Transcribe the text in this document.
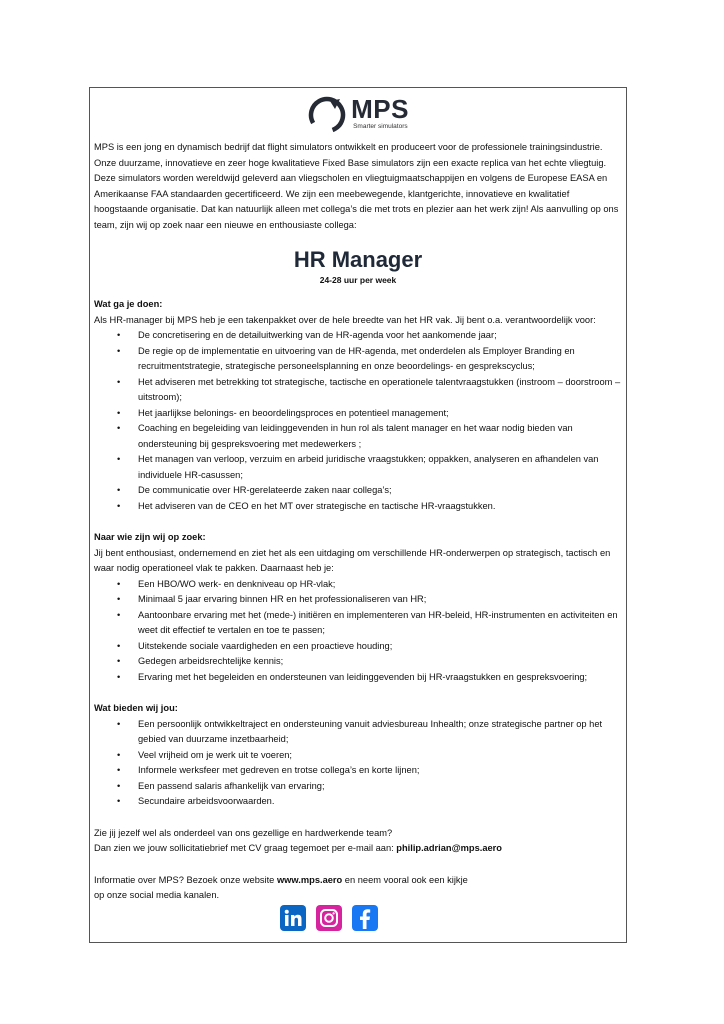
MPS
Smarter simulators

MPS is een jong en dynamisch bedrijf dat flight simulators ontwikkelt en produceert voor de professionele trainingsindustrie. Onze duurzame, innovatieve en zeer hoge kwalitatieve Fixed Base simulators zijn een exacte replica van het echte vliegtuig. Deze simulators worden wereldwijd geleverd aan vliegscholen en vliegtuigmaatschappijen en volgens de Europese EASA en Amerikaanse FAA standaarden gecertificeerd. We zijn een meebewegende, klantgerichte, innovatieve en kwalitatief hoogstaande organisatie. Dat kan natuurlijk alleen met collega’s die met trots en plezier aan het werk zijn! Als aanvulling op ons team, zijn wij op zoek naar een nieuwe en enthousiaste collega:

HR Manager
24-28 uur per week
Wat ga je doen:

Als HR-manager bij MPS heb je een takenpakket over de hele breedte van het HR vak. Jij bent o.a. verantwoordelijk voor:

• De concretisering en de detailuitwerking van de HR-agenda voor het aankomende jaar;
• De regie op de implementatie en uitvoering van de HR-agenda, met onderdelen als Employer Branding en recruitmentstrategie, strategische personeelsplanning en onze beoordelings- en gesprekscyclus;
• Het adviseren met betrekking tot strategische, tactische en operationele talentvraagstukken (instroom – doorstroom – uitstroom);
• Het jaarlijkse belonings- en beoordelingsproces en potentieel management;
• Coaching en begeleiding van leidinggevenden in hun rol als talent manager en het waar nodig bieden van ondersteuning bij gespreksvoering met medewerkers ;
• Het managen van verloop, verzuim en arbeid juridische vraagstukken; oppakken, analyseren en afhandelen van individuele HR-casussen;
• De communicatie over HR-gerelateerde zaken naar collega’s;
• Het adviseren van de CEO en het MT over strategische en tactische HR-vraagstukken.
Naar wie zijn wij op zoek:

Jij bent enthousiast, ondernemend en ziet het als een uitdaging om verschillende HR-onderwerpen op strategisch, tactisch en waar nodig operationeel vlak te pakken. Daarnaast heb je:

• Een HBO/WO werk- en denkniveau op HR-vlak;
• Minimaal 5 jaar ervaring binnen HR en het professionaliseren van HR;
• Aantoonbare ervaring met het (mede-) initiëren en implementeren van HR-beleid, HR-instrumenten en activiteiten en weet dit effectief te vertalen en toe te passen;
• Uitstekende sociale vaardigheden en een proactieve houding;
• Gedegen arbeidsrechtelijke kennis;
• Ervaring met het begeleiden en ondersteunen van leidinggevenden bij HR-vraagstukken en gespreksvoering;
Wat bieden wij jou:
• Een persoonlijk ontwikkeltraject en ondersteuning vanuit adviesbureau Inhealth; onze strategische partner op het gebied van duurzame inzetbaarheid;
• Veel vrijheid om je werk uit te voeren;
• Informele werksfeer met gedreven en trotse collega’s en korte lijnen;
• Een passend salaris afhankelijk van ervaring;
• Secundaire arbeidsvoorwaarden.

Zie jij jezelf wel als onderdeel van ons gezellige en hardwerkende team?

Dan zien we jouw sollicitatiebrief met CV graag tegemoet per e-mail aan: philip.adrian@mps.aero

Informatie over MPS? Bezoek onze website www.mps.aero en neem vooral ook een kijkje

op onze social media kanalen.
